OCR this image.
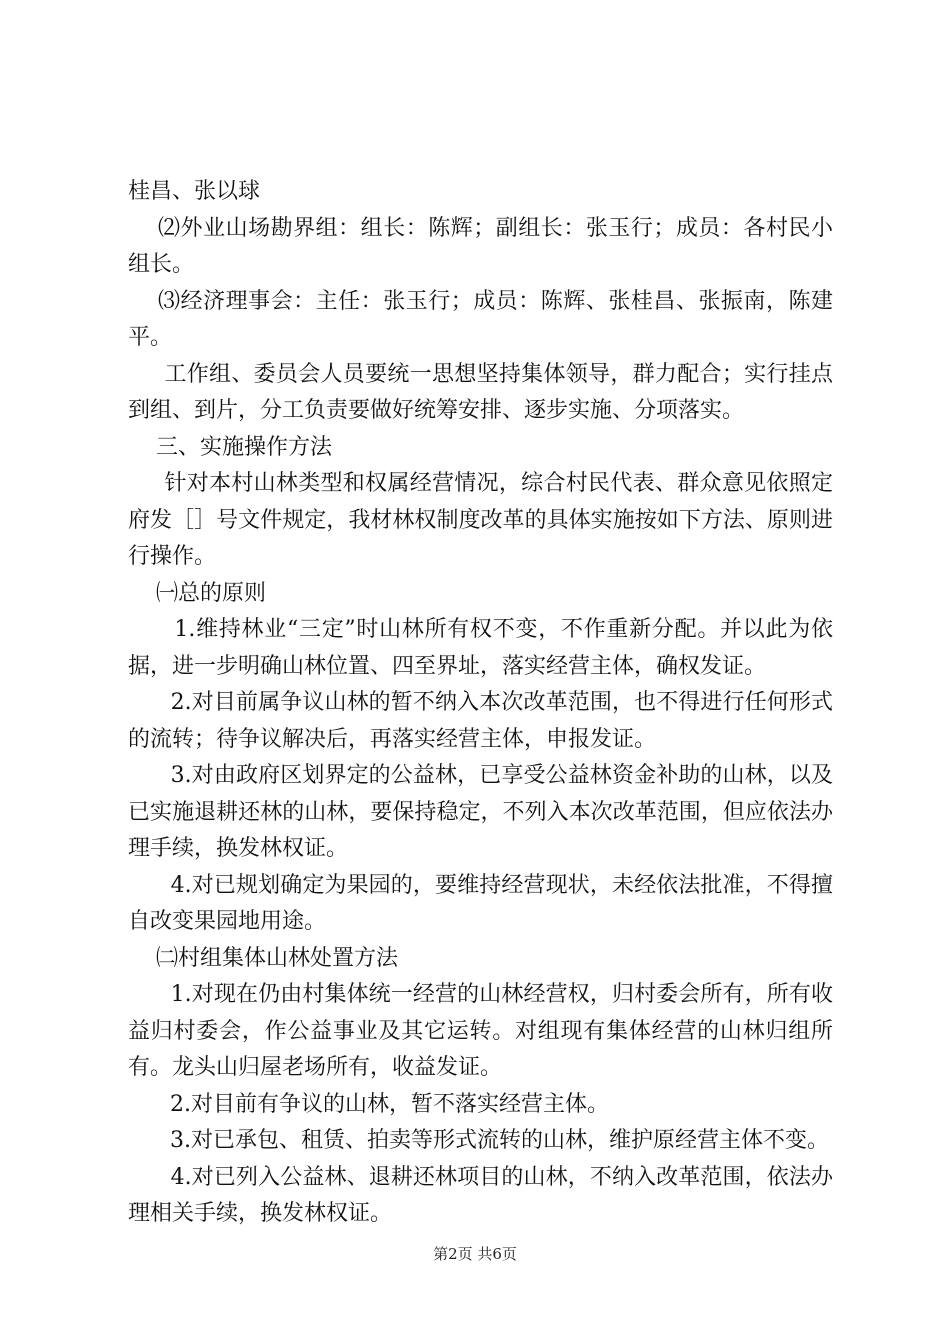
桂昌、张以球

⑵外业山场勘界组：组长：陈辉；副组长：张玉行；成员：各村民小组长。

⑶经济理事会：主任：张玉行；成员：陈辉、张桂昌、张振南，陈建平。

工作组、委员会人员要统一思想坚持集体领导，群力配合；实行挂点到组、到片，分工负责要做好统筹安排、逐步实施、分项落实。

三、实施操作方法

针对本村山林类型和权属经营情况，综合村民代表、群众意见依照定府发［］号文件规定，我材林权制度改革的具体实施按如下方法、原则进行操作。

㈠总的原则

1.维持林业“三定”时山林所有权不变，不作重新分配。并以此为依据，进一步明确山林位置、四至界址，落实经营主体，确权发证。

2.对目前属争议山林的暂不纳入本次改革范围，也不得进行任何形式的流转；待争议解决后，再落实经营主体，申报发证。

3.对由政府区划界定的公益林，已享受公益林资金补助的山林，以及已实施退耕还林的山林，要保持稳定，不列入本次改革范围，但应依法办理手续，换发林权证。

4.对已规划确定为果园的，要维持经营现状，未经依法批准，不得擅自改变果园地用途。

㈡村组集体山林处置方法

1.对现在仍由村集体统一经营的山林经营权，归村委会所有，所有收益归村委会，作公益事业及其它运转。对组现有集体经营的山林归组所有。龙头山归屋老场所有，收益发证。

2.对目前有争议的山林，暂不落实经营主体。

3.对已承包、租赁、拍卖等形式流转的山林，维护原经营主体不变。

4.对已列入公益林、退耕还林项目的山林，不纳入改革范围，依法办理相关手续，换发林权证。

第2页 共6页
